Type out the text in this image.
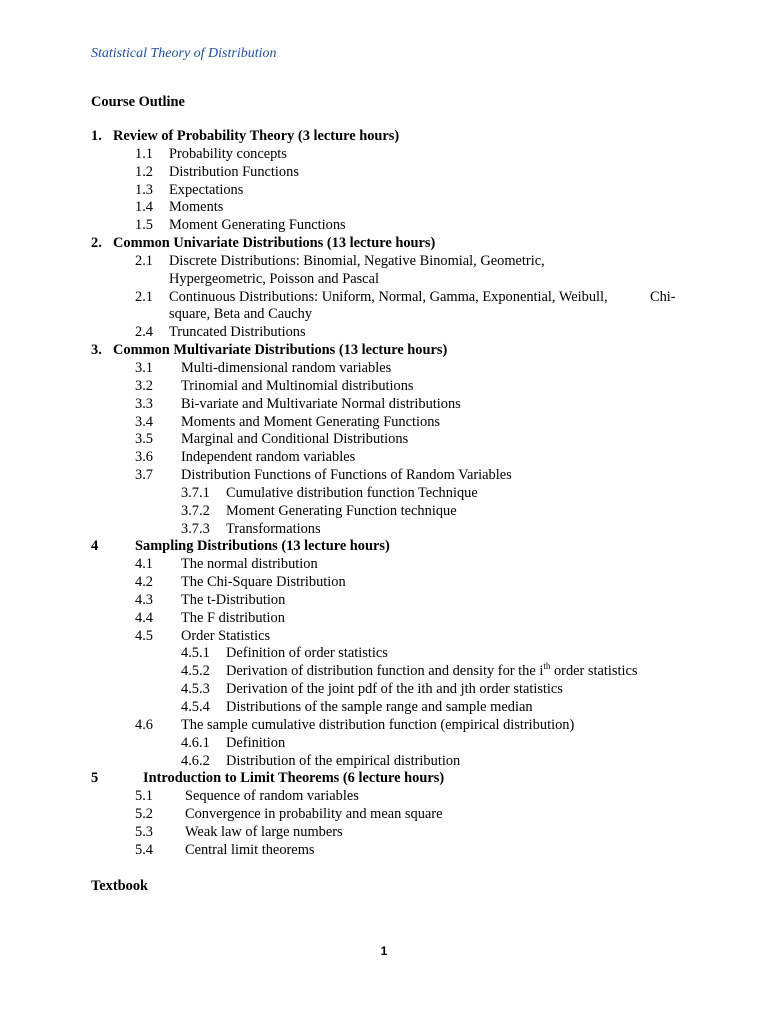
Statistical Theory of Distribution
Course Outline
1. Review of Probability Theory (3 lecture hours)
1.1 Probability concepts
1.2 Distribution Functions
1.3 Expectations
1.4 Moments
1.5 Moment Generating Functions
2. Common Univariate Distributions (13 lecture hours)
2.1 Discrete Distributions: Binomial, Negative Binomial, Geometric,
Hypergeometric, Poisson and Pascal
2.1 Continuous Distributions: Uniform, Normal, Gamma, Exponential, Weibull,	Chi-
square, Beta and Cauchy
2.4 Truncated Distributions
3. Common Multivariate Distributions (13 lecture hours)
3.1 Multi-dimensional random variables
3.2 Trinomial and Multinomial distributions
3.3 Bi-variate and Multivariate Normal distributions
3.4 Moments and Moment Generating Functions
3.5 Marginal and Conditional Distributions
3.6 Independent random variables
3.7 Distribution Functions of Functions of Random Variables
3.7.1 Cumulative distribution function Technique
3.7.2 Moment Generating Function technique
3.7.3 Transformations
4	Sampling Distributions (13 lecture hours)
4.1 The normal distribution
4.2 The Chi-Square Distribution
4.3 The t-Distribution
4.4 The F distribution
4.5 Order Statistics
4.5.1 Definition of order statistics
4.5.2 Derivation of distribution function and density for the $i^{th}$ order statistics
4.5.3 Derivation of the joint pdf of the ith and jth order statistics
4.5.4 Distributions of the sample range and sample median
4.6 The sample cumulative distribution function (empirical distribution)
4.6.1 Definition
4.6.2 Distribution of the empirical distribution
5	Introduction to Limit Theorems (6 lecture hours)
5.1 Sequence of random variables
5.2 Convergence in probability and mean square
5.3 Weak law of large numbers
5.4 Central limit theorems
Textbook
1
